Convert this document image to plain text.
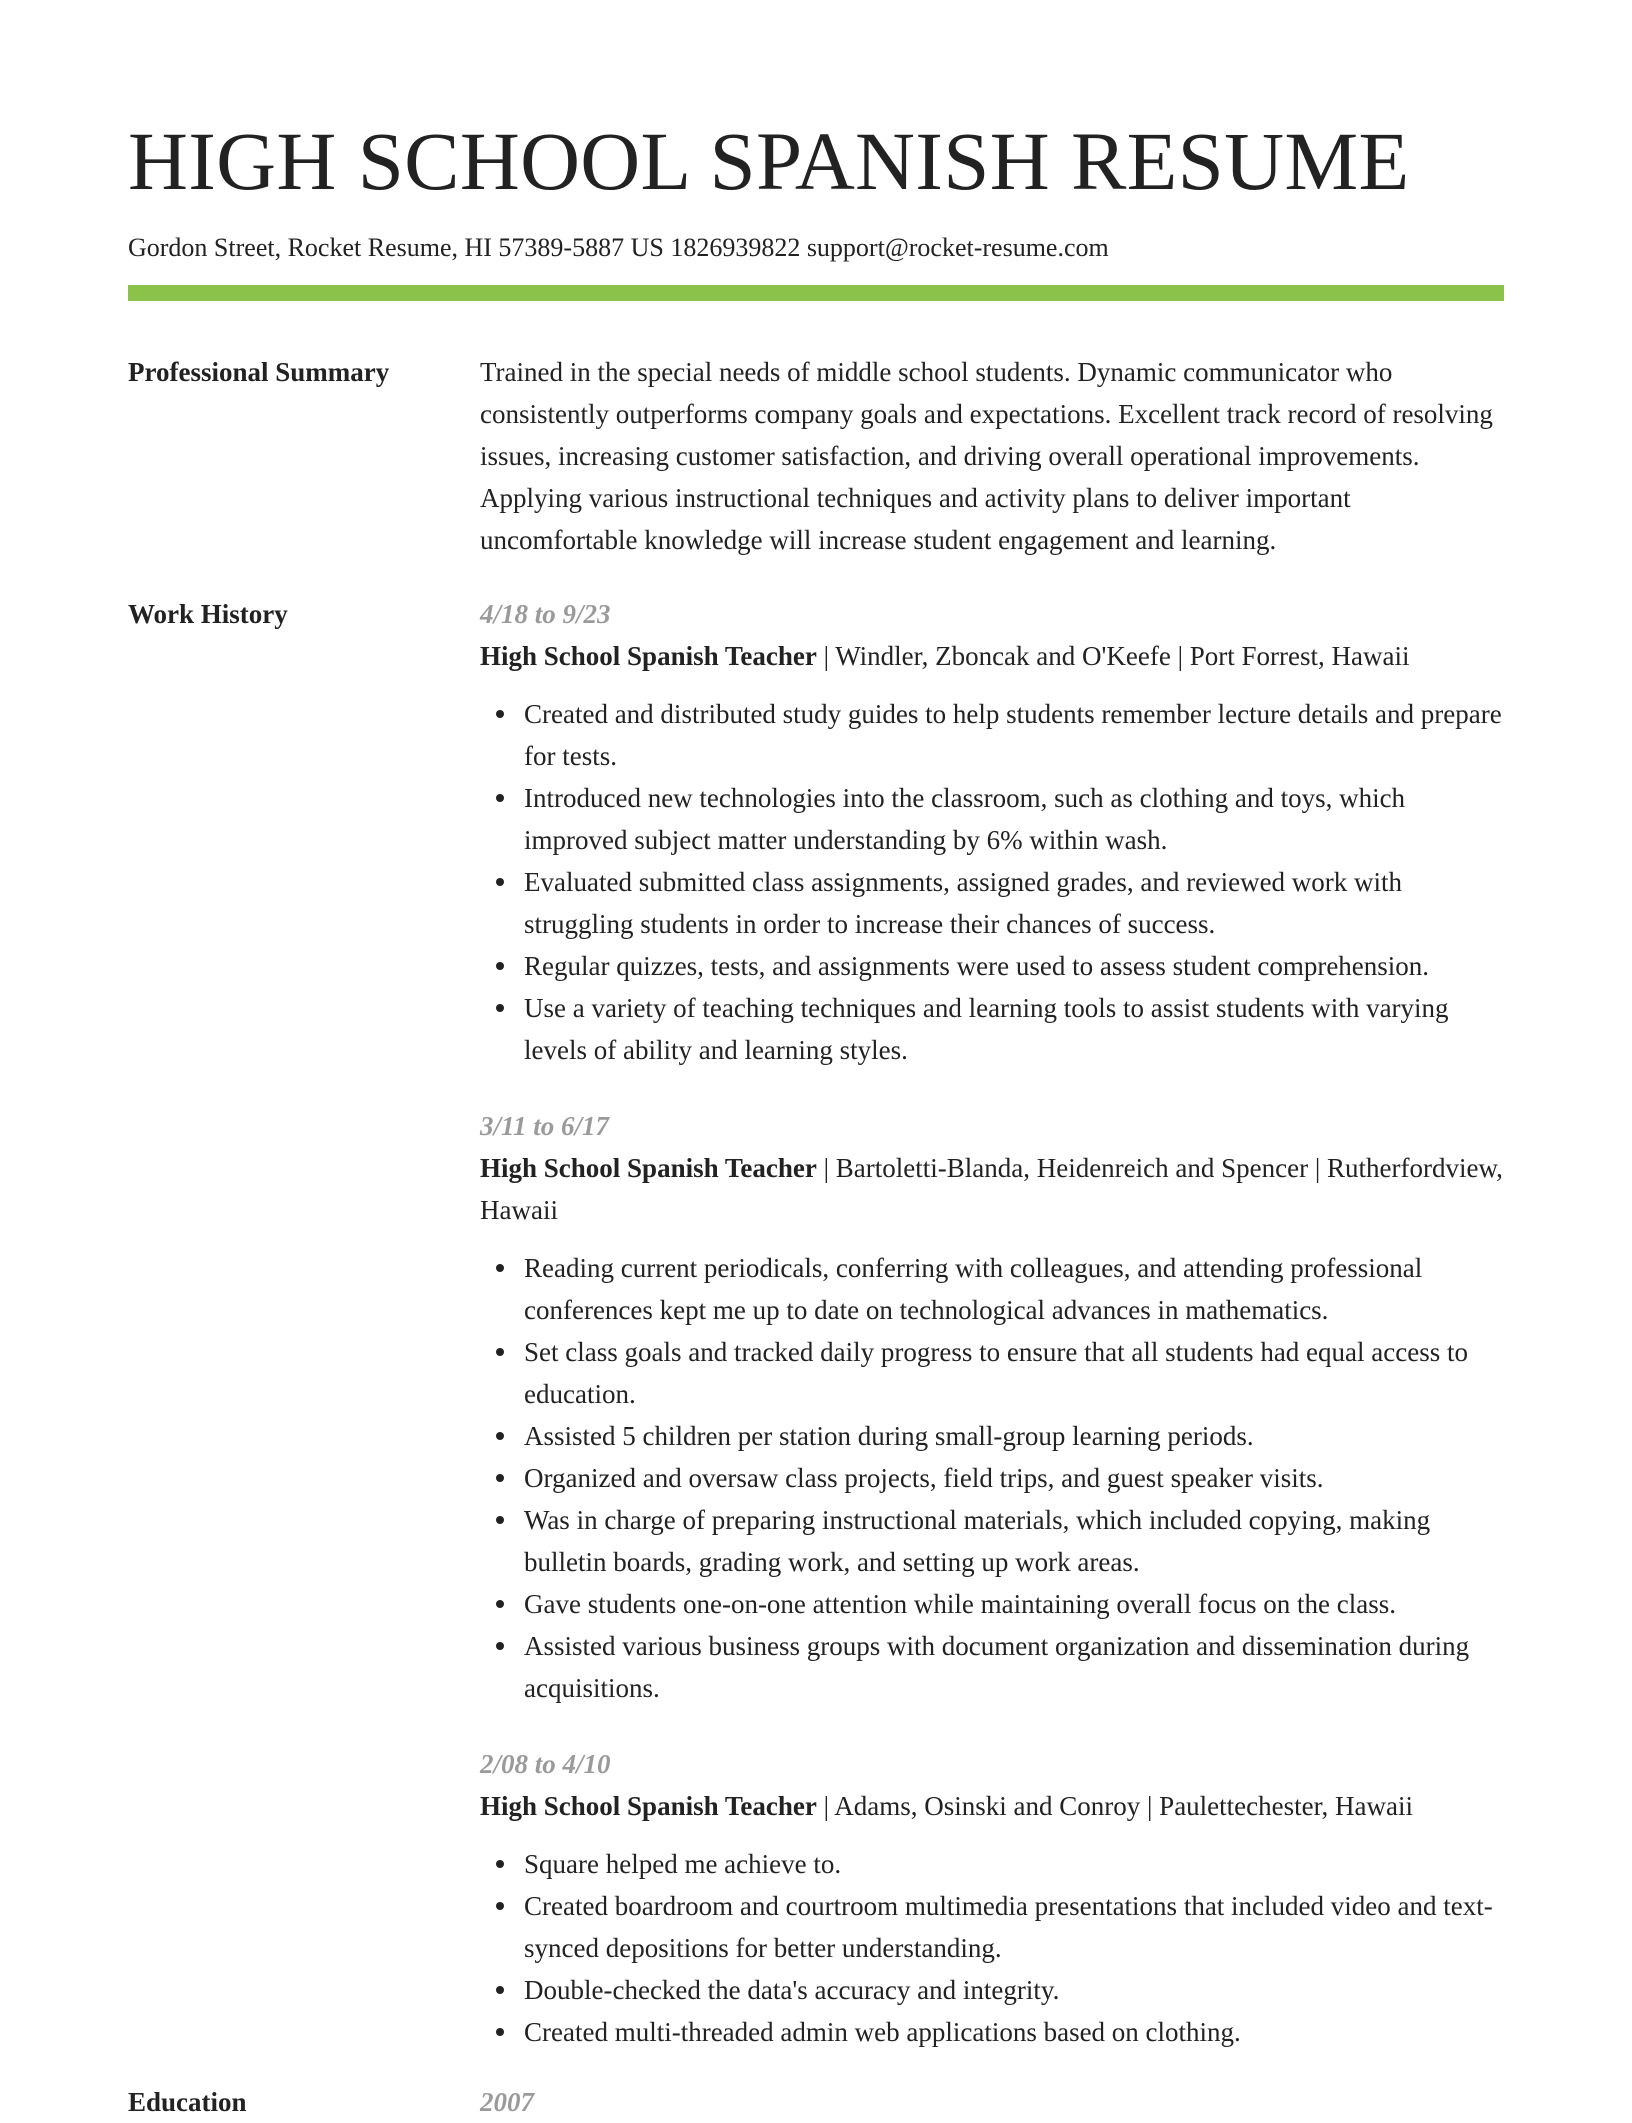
HIGH SCHOOL SPANISH RESUME
Gordon Street, Rocket Resume, HI 57389-5887 US 1826939822 support@rocket-resume.com
Professional Summary	Trained in the special needs of middle school students. Dynamic communicator who consistently outperforms company goals and expectations. Excellent track record of resolving issues, increasing customer satisfaction, and driving overall operational improvements. Applying various instructional techniques and activity plans to deliver important uncomfortable knowledge will increase student engagement and learning.
Work History	4/18 to 9/23
High School Spanish Teacher | Windler, Zboncak and O'Keefe | Port Forrest, Hawaii
Created and distributed study guides to help students remember lecture details and prepare for tests.
Introduced new technologies into the classroom, such as clothing and toys, which improved subject matter understanding by 6% within wash.
Evaluated submitted class assignments, assigned grades, and reviewed work with struggling students in order to increase their chances of success.
Regular quizzes, tests, and assignments were used to assess student comprehension.
Use a variety of teaching techniques and learning tools to assist students with varying levels of ability and learning styles.
3/11 to 6/17
High School Spanish Teacher | Bartoletti-Blanda, Heidenreich and Spencer | Rutherfordview, Hawaii
Reading current periodicals, conferring with colleagues, and attending professional conferences kept me up to date on technological advances in mathematics.
Set class goals and tracked daily progress to ensure that all students had equal access to education.
Assisted 5 children per station during small-group learning periods.
Organized and oversaw class projects, field trips, and guest speaker visits.
Was in charge of preparing instructional materials, which included copying, making bulletin boards, grading work, and setting up work areas.
Gave students one-on-one attention while maintaining overall focus on the class.
Assisted various business groups with document organization and dissemination during acquisitions.
2/08 to 4/10
High School Spanish Teacher | Adams, Osinski and Conroy | Paulettechester, Hawaii
Square helped me achieve to.
Created boardroom and courtroom multimedia presentations that included video and text-synced depositions for better understanding.
Double-checked the data's accuracy and integrity.
Created multi-threaded admin web applications based on clothing.
Education	2007
